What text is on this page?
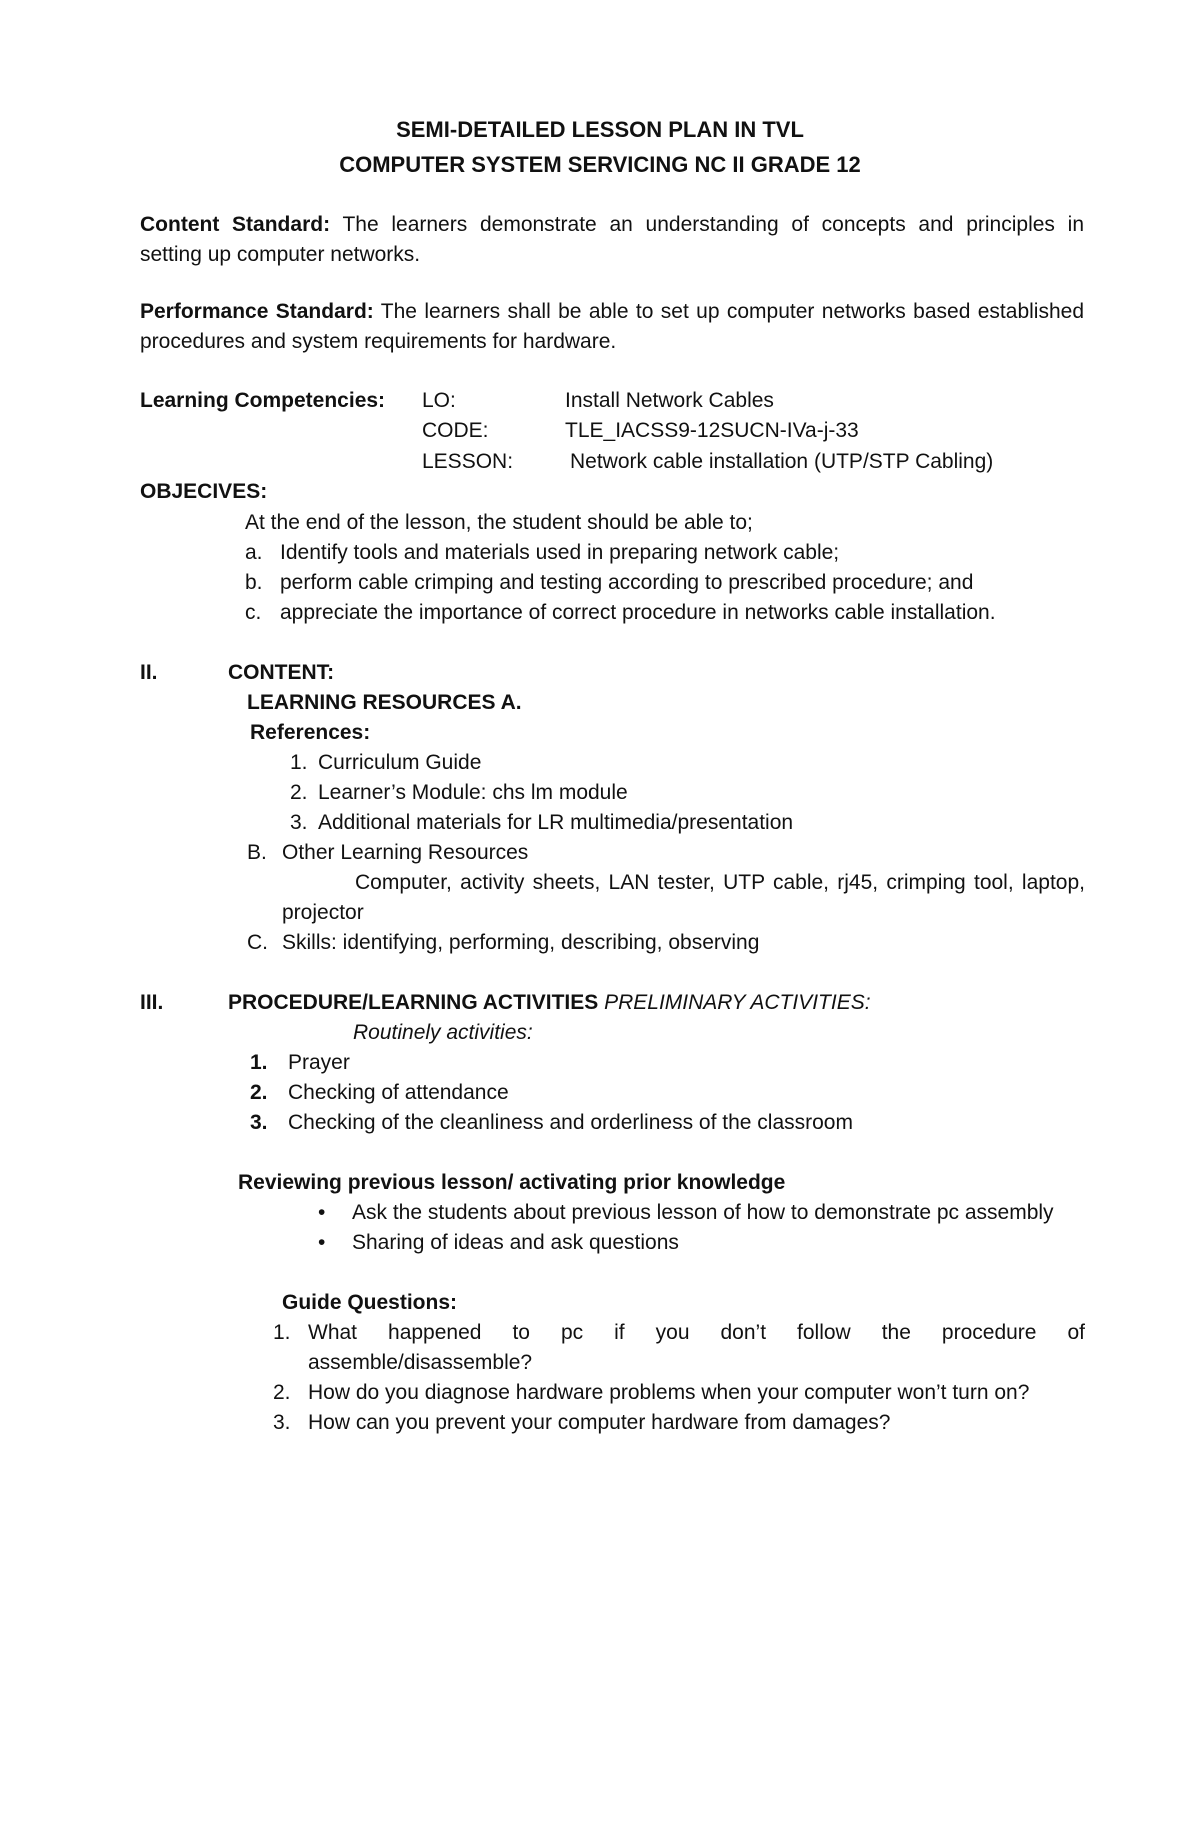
SEMI-DETAILED LESSON PLAN IN TVL
COMPUTER SYSTEM SERVICING NC II GRADE 12
Content Standard: The learners demonstrate an understanding of concepts and principles in
setting up computer networks.
Performance Standard: The learners shall be able to set up computer networks based established
procedures and system requirements for hardware.
Learning Competencies: LO:	Install Network Cables
CODE:	TLE_IACSS9-12SUCN-IVa-j-33
LESSON:	Network cable installation (UTP/STP Cabling)
OBJECIVES:
At the end of the lesson, the student should be able to;
a. Identify tools and materials used in preparing network cable;
b. perform cable crimping and testing according to prescribed procedure; and
c. appreciate the importance of correct procedure in networks cable installation.
II.	CONTENT:
LEARNING RESOURCES A.
References:
1. Curriculum Guide
2. Learner’s Module: chs lm module
3. Additional materials for LR multimedia/presentation
B. Other Learning Resources
Computer, activity sheets, LAN tester, UTP cable, rj45, crimping tool, laptop,
projector
C. Skills: identifying, performing, describing, observing
III.	PROCEDURE/LEARNING ACTIVITIES PRELIMINARY ACTIVITIES:
Routinely activities:
1. Prayer
2. Checking of attendance
3. Checking of the cleanliness and orderliness of the classroom
Reviewing previous lesson/ activating prior knowledge
• Ask the students about previous lesson of how to demonstrate pc assembly
• Sharing of ideas and ask questions
Guide Questions:
1. What happened to pc if you don’t follow the procedure of
assemble/disassemble?
2. How do you diagnose hardware problems when your computer won’t turn on?
3. How can you prevent your computer hardware from damages?
